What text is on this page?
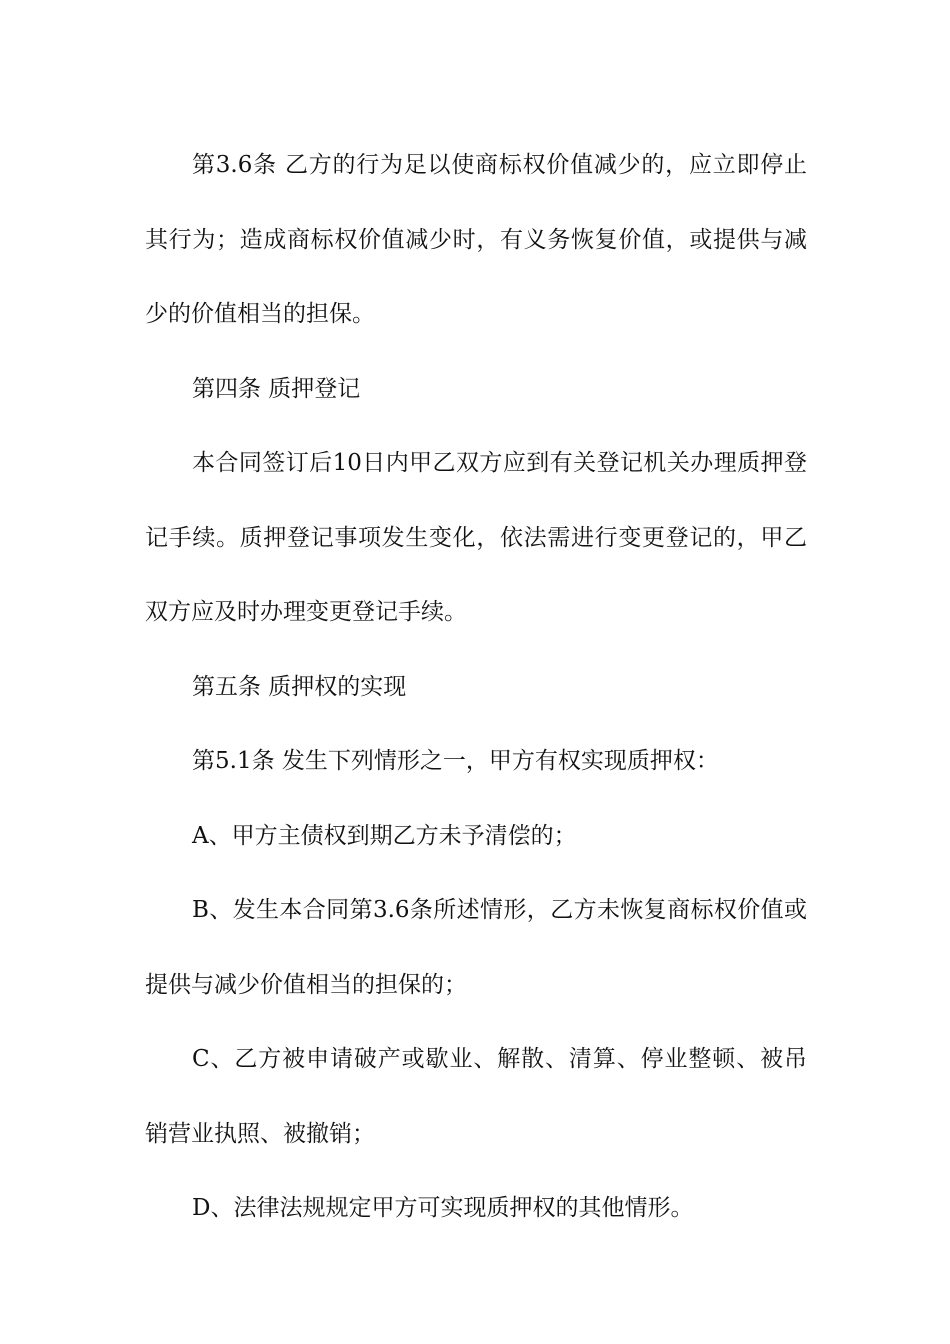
第3.6条 乙方的行为足以使商标权价值减少的，应立即停止其行为；造成商标权价值减少时，有义务恢复价值，或提供与减少的价值相当的担保。

第四条 质押登记

本合同签订后10日内甲乙双方应到有关登记机关办理质押登记手续。质押登记事项发生变化，依法需进行变更登记的，甲乙双方应及时办理变更登记手续。

第五条 质押权的实现

第5.1条 发生下列情形之一，甲方有权实现质押权：

A、甲方主债权到期乙方未予清偿的；

B、发生本合同第3.6条所述情形，乙方未恢复商标权价值或提供与减少价值相当的担保的；

C、乙方被申请破产或歇业、解散、清算、停业整顿、被吊销营业执照、被撤销；

D、法律法规规定甲方可实现质押权的其他情形。
